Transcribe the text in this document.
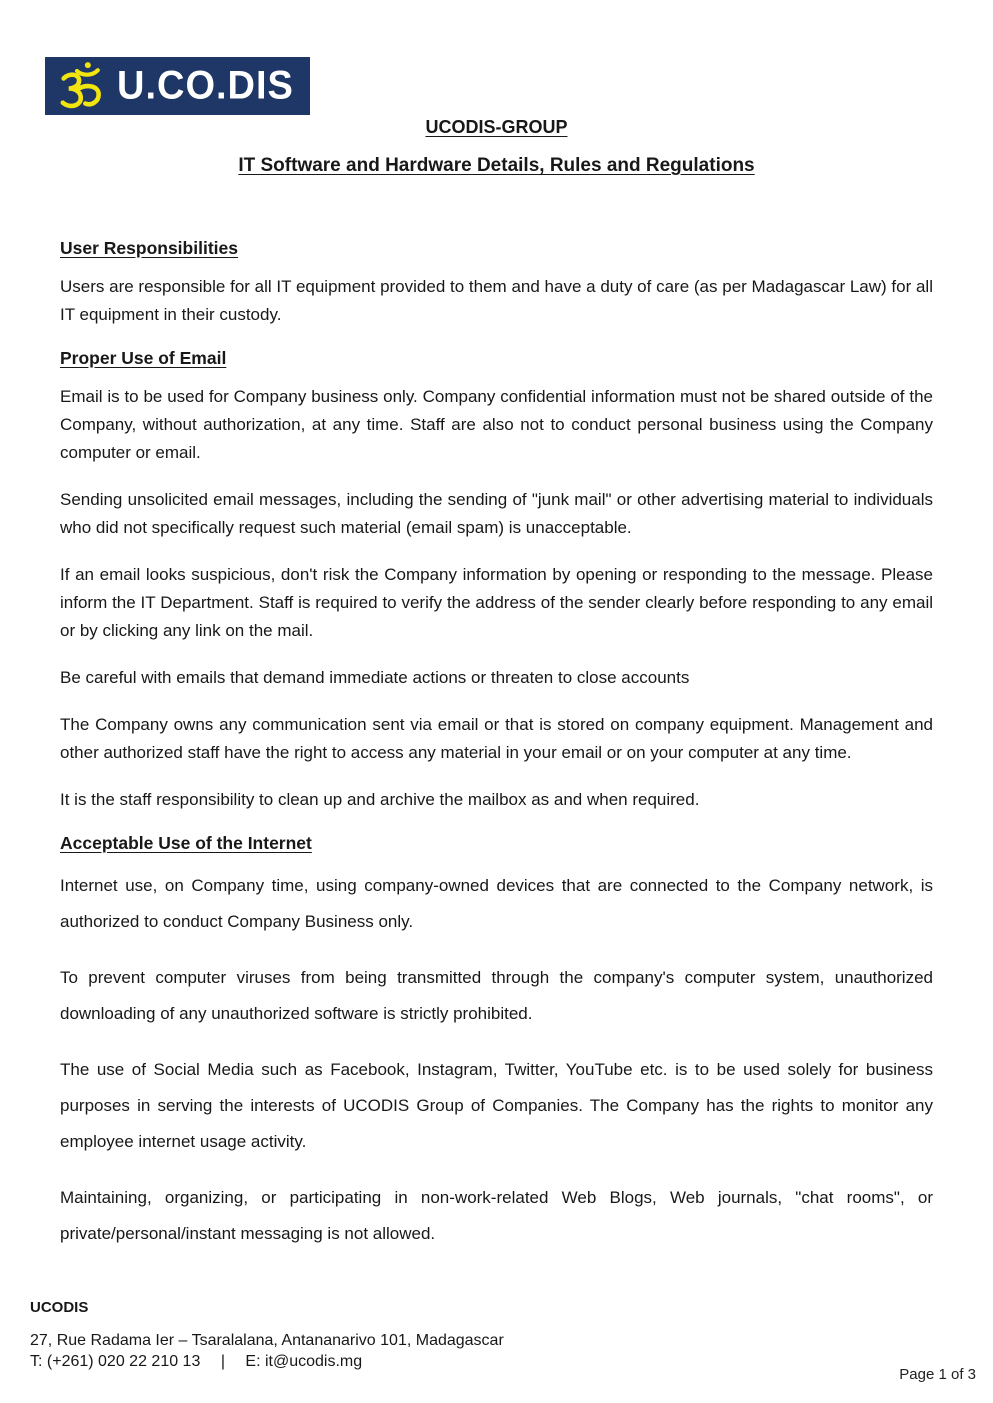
U.CO.DIS
UCODIS-GROUP
IT Software and Hardware Details, Rules and Regulations
User Responsibilities

Users are responsible for all IT equipment provided to them and have a duty of care (as per Madagascar Law) for all IT equipment in their custody.

Proper Use of Email

Email is to be used for Company business only. Company confidential information must not be shared outside of the Company, without authorization, at any time. Staff are also not to conduct personal business using the Company computer or email.

Sending unsolicited email messages, including the sending of "junk mail" or other advertising material to individuals who did not specifically request such material (email spam) is unacceptable.

If an email looks suspicious, don't risk the Company information by opening or responding to the message. Please inform the IT Department. Staff is required to verify the address of the sender clearly before responding to any email or by clicking any link on the mail.

Be careful with emails that demand immediate actions or threaten to close accounts

The Company owns any communication sent via email or that is stored on company equipment. Management and other authorized staff have the right to access any material in your email or on your computer at any time.

It is the staff responsibility to clean up and archive the mailbox as and when required.

Acceptable Use of the Internet

Internet use, on Company time, using company-owned devices that are connected to the Company network, is authorized to conduct Company Business only.

To prevent computer viruses from being transmitted through the company's computer system, unauthorized downloading of any unauthorized software is strictly prohibited.

The use of Social Media such as Facebook, Instagram, Twitter, YouTube etc. is to be used solely for business purposes in serving the interests of UCODIS Group of Companies. The Company has the rights to monitor any employee internet usage activity.

Maintaining, organizing, or participating in non-work-related Web Blogs, Web journals, "chat rooms", or private/personal/instant messaging is not allowed.

UCODIS
27, Rue Radama Ier – Tsaralalana, Antananarivo 101, Madagascar
T: (+261) 020 22 210 13 | E: it@ucodis.mg
Page 1 of 3
